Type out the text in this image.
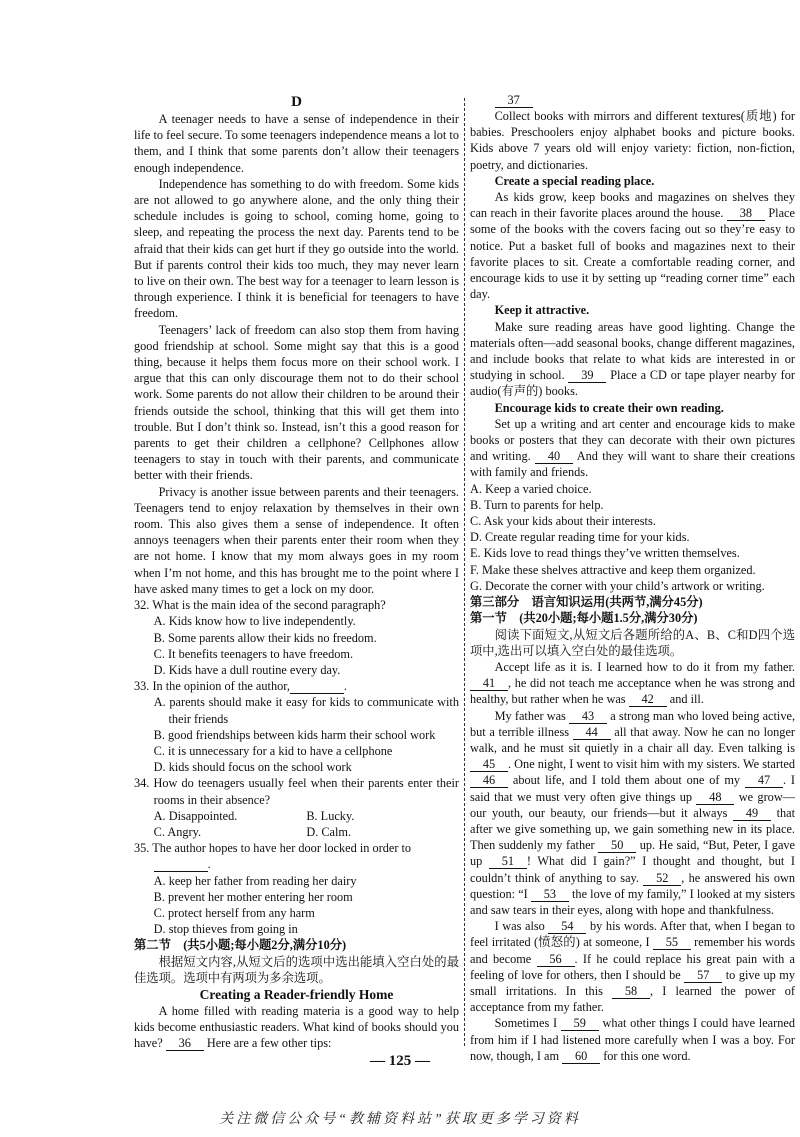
D

A teenager needs to have a sense of independence in their life to feel secure. To some teenagers independence means a lot to them, and I think that some parents don’t allow their teenagers enough independence.

Independence has something to do with freedom. Some kids are not allowed to go anywhere alone, and the only thing their schedule includes is going to school, coming home, going to sleep, and repeating the process the next day. Parents tend to be afraid that their kids can get hurt if they go outside into the world. But if parents control their kids too much, they may never learn to live on their own. The best way for a teenager to learn lesson is through experience. I think it is beneficial for teenagers to have freedom.

Teenagers’ lack of freedom can also stop them from having good friendship at school. Some might say that this is a good thing, because it helps them focus more on their school work. I argue that this can only discourage them not to do their school work. Some parents do not allow their children to be around their friends outside the school, thinking that this will get them into trouble. But I don’t think so. Instead, isn’t this a good reason for parents to get their children a cellphone? Cellphones allow teenagers to stay in touch with their parents, and communicate better with their friends.

Privacy is another issue between parents and their teenagers. Teenagers tend to enjoy relaxation by themselves in their own room. This also gives them a sense of independence. It often annoys teenagers when their parents enter their room when they are not home. I know that my mom always goes in my room when I’m not home, and this has brought me to the point where I have asked many times to get a lock on my door.

32. What is the main idea of the second paragraph?

A. Kids know how to live independently.

B. Some parents allow their kids no freedom.

C. It benefits teenagers to have freedom.

D. Kids have a dull routine every day.

33. In the opinion of the author,	.

A. parents should make it easy for kids to communicate with their friends

B. good friendships between kids harm their school work

C. it is unnecessary for a kid to have a cellphone

D. kids should focus on the school work

34. How do teenagers usually feel when their parents enter their rooms in their absence?

A. Disappointed.	B. Lucky.

C. Angry.	D. Calm.

35. The author hopes to have her door locked in order to
.

A. keep her father from reading her dairy

B. prevent her mother entering her room

C. protect herself from any harm

D. stop thieves from going in

第二节　(共5小题;每小题2分,满分10分)

根据短文内容,从短文后的选项中选出能填入空白处的最佳选项。选项中有两项为多余选项。

Creating a Reader-friendly Home

A home filled with reading materia is a good way to help kids become enthusiastic readers. What kind of books should you have? 36 Here are a few other tips:

37

Collect books with mirrors and different textures(质地) for babies. Preschoolers enjoy alphabet books and picture books. Kids above 7 years old will enjoy variety: fiction, non-fiction, poetry, and dictionaries.

Create a special reading place.

As kids grow, keep books and magazines on shelves they can reach in their favorite places around the house. 38 Place some of the books with the covers facing out so they’re easy to notice. Put a basket full of books and magazines next to their favorite places to sit. Create a comfortable reading corner, and encourage kids to use it by setting up “reading corner time” each day.

Keep it attractive.

Make sure reading areas have good lighting. Change the materials often—add seasonal books, change different magazines, and include books that relate to what kids are interested in or studying in school. 39 Place a CD or tape player nearby for audio(有声的) books.

Encourage kids to create their own reading.

Set up a writing and art center and encourage kids to make books or posters that they can decorate with their own pictures and writing. 40 And they will want to share their creations with family and friends.

A. Keep a varied choice.

B. Turn to parents for help.

C. Ask your kids about their interests.

D. Create regular reading time for your kids.

E. Kids love to read things they’ve written themselves.

F. Make these shelves attractive and keep them organized.

G. Decorate the corner with your child’s artwork or writing.

第三部分　语言知识运用(共两节,满分45分)

第一节　(共20小题;每小题1.5分,满分30分)

阅读下面短文,从短文后各题所给的A、B、C和D四个选项中,选出可以填入空白处的最佳选项。

Accept life as it is. I learned how to do it from my father. 41 , he did not teach me acceptance when he was strong and healthy, but rather when he was 42 and ill.

My father was 43 a strong man who loved being active, but a terrible illness 44 all that away. Now he can no longer walk, and he must sit quietly in a chair all day. Even talking is 45 . One night, I went to visit him with my sisters. We started 46 about life, and I told them about one of my 47 . I said that we must very often give things up 48 we grow—our youth, our beauty, our friends—but it always 49 that after we give something up, we gain something new in its place. Then suddenly my father 50 up. He said, “But, Peter, I gave up 51 ! What did I gain?” I thought and thought, but I couldn’t think of anything to say. 52 , he answered his own question: “I 53 the love of my family,” I looked at my sisters and saw tears in their eyes, along with hope and thankfulness.

I was also 54 by his words. After that, when I began to feel irritated (愤怒的) at someone, I 55 remember his words and become 56 . If he could replace his great pain with a feeling of love for others, then I should be 57 to give up my small irritations. In this 58 , I learned the power of acceptance from my father.

Sometimes I 59 what other things I could have learned from him if I had listened more carefully when I was a boy. For now, though, I am 60 for this one word.

— 125 —
关注微信公众号“教辅资料站”获取更多学习资料
